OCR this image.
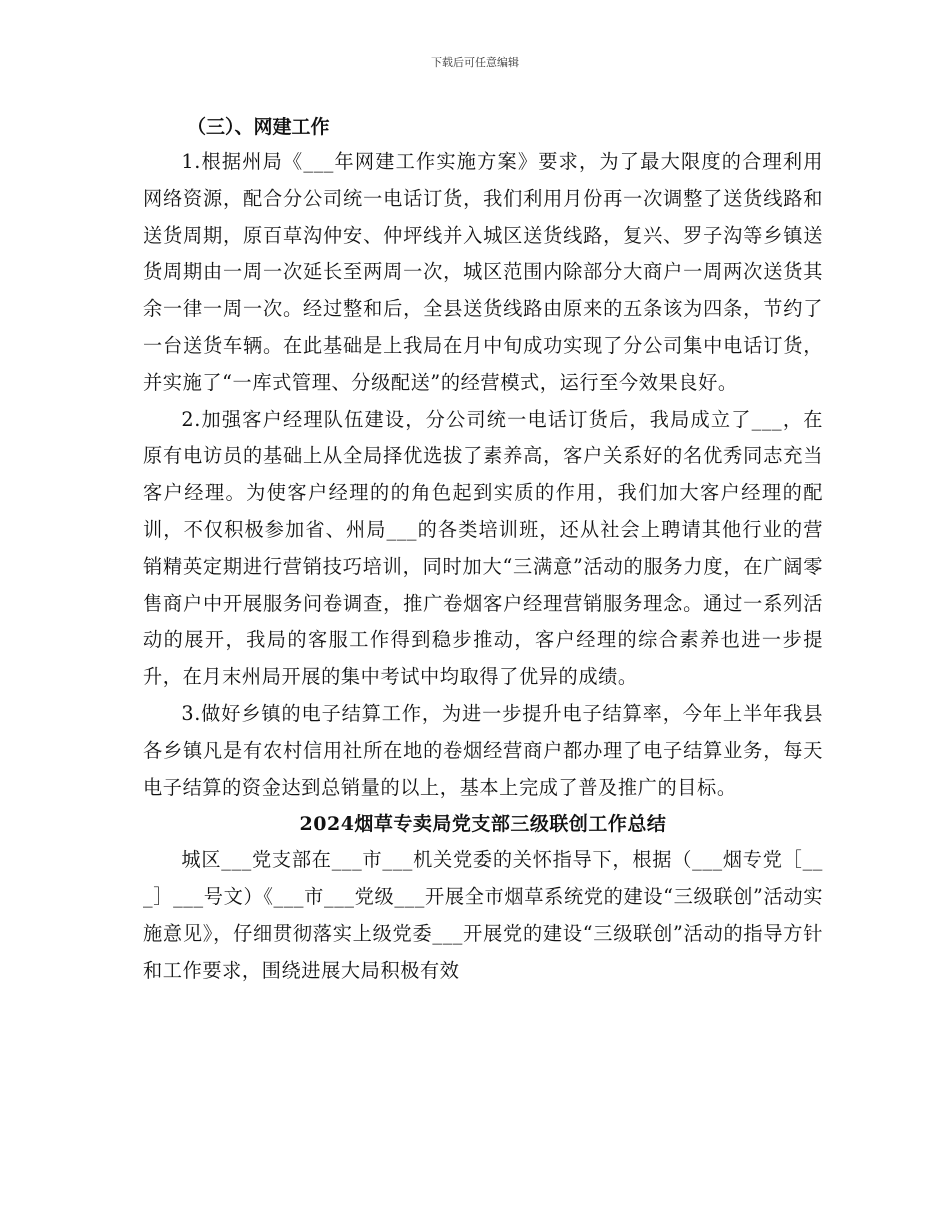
下载后可任意编辑

（三）、网建工作

1.根据州局《___年网建工作实施方案》要求，为了最大限度的合理利用网络资源，配合分公司统一电话订货，我们利用月份再一次调整了送货线路和送货周期，原百草沟仲安、仲坪线并入城区送货线路，复兴、罗子沟等乡镇送货周期由一周一次延长至两周一次，城区范围内除部分大商户一周两次送货其余一律一周一次。经过整和后，全县送货线路由原来的五条该为四条，节约了一台送货车辆。在此基础是上我局在月中旬成功实现了分公司集中电话订货，并实施了“一库式管理、分级配送”的经营模式，运行至今效果良好。

2.加强客户经理队伍建设，分公司统一电话订货后，我局成立了___，在原有电访员的基础上从全局择优选拔了素养高，客户关系好的名优秀同志充当客户经理。为使客户经理的的角色起到实质的作用，我们加大客户经理的配训，不仅积极参加省、州局___的各类培训班，还从社会上聘请其他行业的营销精英定期进行营销技巧培训，同时加大“三满意”活动的服务力度，在广阔零售商户中开展服务问卷调查，推广卷烟客户经理营销服务理念。通过一系列活动的展开，我局的客服工作得到稳步推动，客户经理的综合素养也进一步提升，在月末州局开展的集中考试中均取得了优异的成绩。

3.做好乡镇的电子结算工作，为进一步提升电子结算率，今年上半年我县各乡镇凡是有农村信用社所在地的卷烟经营商户都办理了电子结算业务，每天电子结算的资金达到总销量的以上，基本上完成了普及推广的目标。

2024烟草专卖局党支部三级联创工作总结

城区___党支部在___市___机关党委的关怀指导下，根据（___烟专党［___］___号文）《___市___党级___开展全市烟草系统党的建设“三级联创”活动实施意见》，仔细贯彻落实上级党委___开展党的建设“三级联创”活动的指导方针和工作要求，围绕进展大局积极有效
